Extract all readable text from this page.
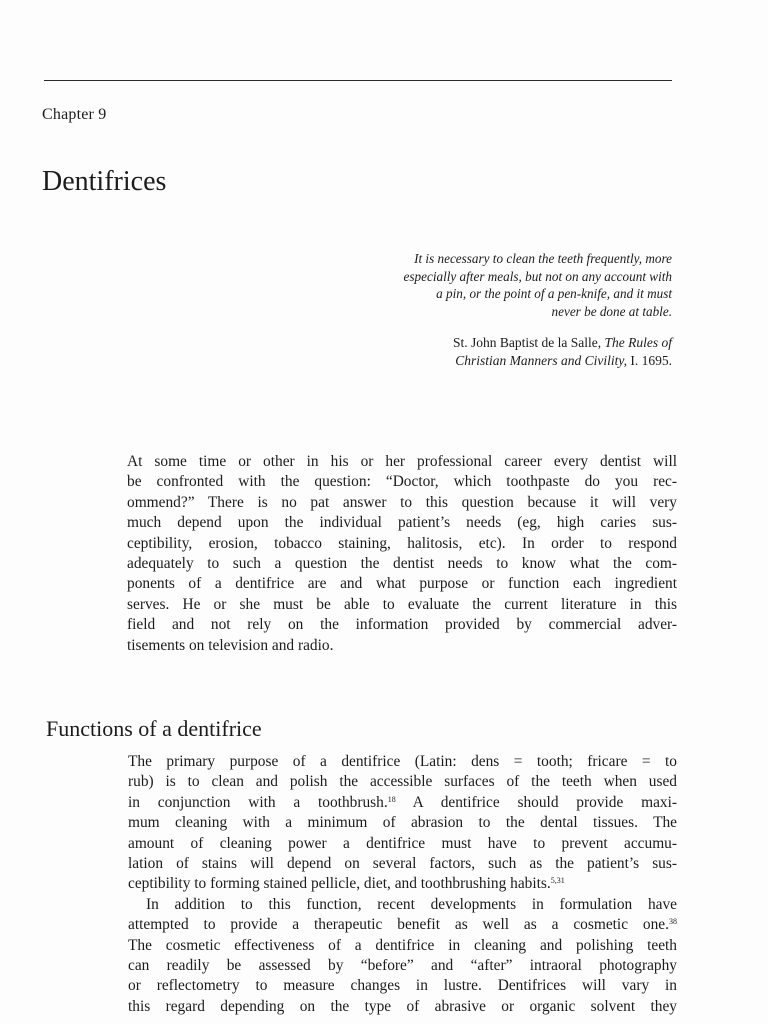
Chapter 9
Dentifrices

It is necessary to clean the teeth frequently, more
especially after meals, but not on any account with
a pin, or the point of a pen-knife, and it must
never be done at table.

St. John Baptist de la Salle, The Rules of
Christian Manners and Civility, I. 1695.
At some time or other in his or her professional career every dentist will
be confronted with the question: “Doctor, which toothpaste do you rec-
ommend?” There is no pat answer to this question because it will very
much depend upon the individual patient’s needs (eg, high caries sus-
ceptibility, erosion, tobacco staining, halitosis, etc). In order to respond
adequately to such a question the dentist needs to know what the com-
ponents of a dentifrice are and what purpose or function each ingredient
serves. He or she must be able to evaluate the current literature in this
field and not rely on the information provided by commercial adver-
tisements on television and radio.
Functions of a dentifrice
The primary purpose of a dentifrice (Latin: dens = tooth; fricare = to
rub) is to clean and polish the accessible surfaces of the teeth when used
in conjunction with a toothbrush.$^{18}$ A dentifrice should provide maxi-
mum cleaning with a minimum of abrasion to the dental tissues. The
amount of cleaning power a dentifrice must have to prevent accumu-
lation of stains will depend on several factors, such as the patient’s sus-
ceptibility to forming stained pellicle, diet, and toothbrushing habits.$^{5,31}$
In addition to this function, recent developments in formulation have
attempted to provide a therapeutic benefit as well as a cosmetic one.$^{38}$
The cosmetic effectiveness of a dentifrice in cleaning and polishing teeth
can readily be assessed by “before” and “after” intraoral photography
or reflectometry to measure changes in lustre. Dentifrices will vary in
this regard depending on the type of abrasive or organic solvent they
